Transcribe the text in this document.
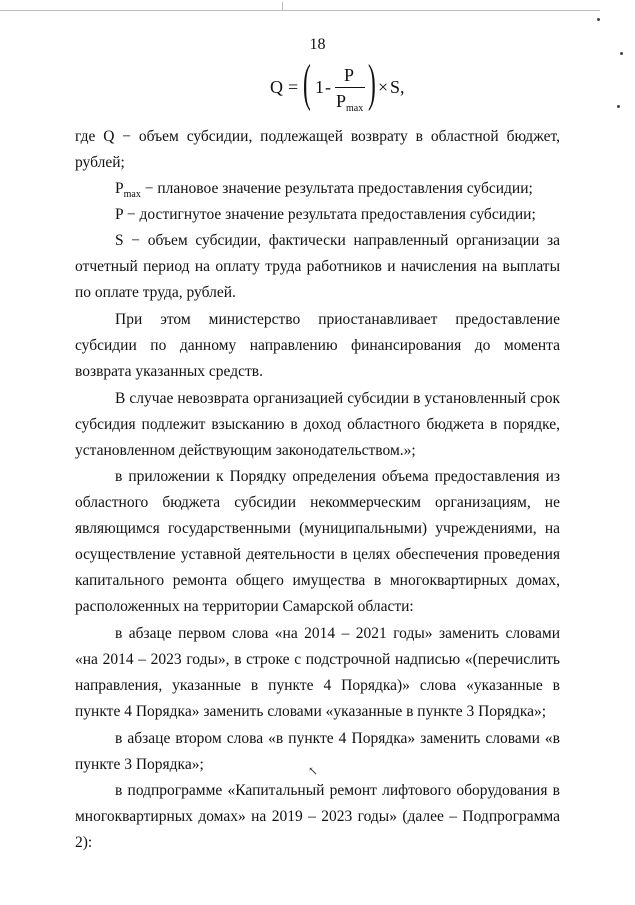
18
Q = ( 1 -
P
$P_{max}$ ) × S,

где Q − объем субсидии, подлежащей возврату в областной бюджет, рублей;

$P_{max}$ − плановое значение результата предоставления субсидии;

P − достигнутое значение результата предоставления субсидии;

S − объем субсидии, фактически направленный организации за отчетный период на оплату труда работников и начисления на выплаты по оплате труда, рублей.

При этом министерство приостанавливает предоставление субсидии по данному направлению финансирования до момента возврата указанных средств.

В случае невозврата организацией субсидии в установленный срок субсидия подлежит взысканию в доход областного бюджета в порядке, установленном действующим законодательством.»;

в приложении к Порядку определения объема предоставления из областного бюджета субсидии некоммерческим организациям, не являющимся государственными (муниципальными) учреждениями, на осуществление уставной деятельности в целях обеспечения проведения капитального ремонта общего имущества в многоквартирных домах, расположенных на территории Самарской области:

в абзаце первом слова «на 2014 – 2021 годы» заменить словами «на 2014 – 2023 годы», в строке с подстрочной надписью «(перечислить направления, указанные в пункте 4 Порядка)» слова «указанные в пункте 4 Порядка» заменить словами «указанные в пункте 3 Порядка»;

в абзаце втором слова «в пункте 4 Порядка» заменить словами «в пункте 3 Порядка»;

в подпрограмме «Капитальный ремонт лифтового оборудования в многоквартирных домах» на 2019 – 2023 годы» (далее – Подпрограмма 2):

↖
